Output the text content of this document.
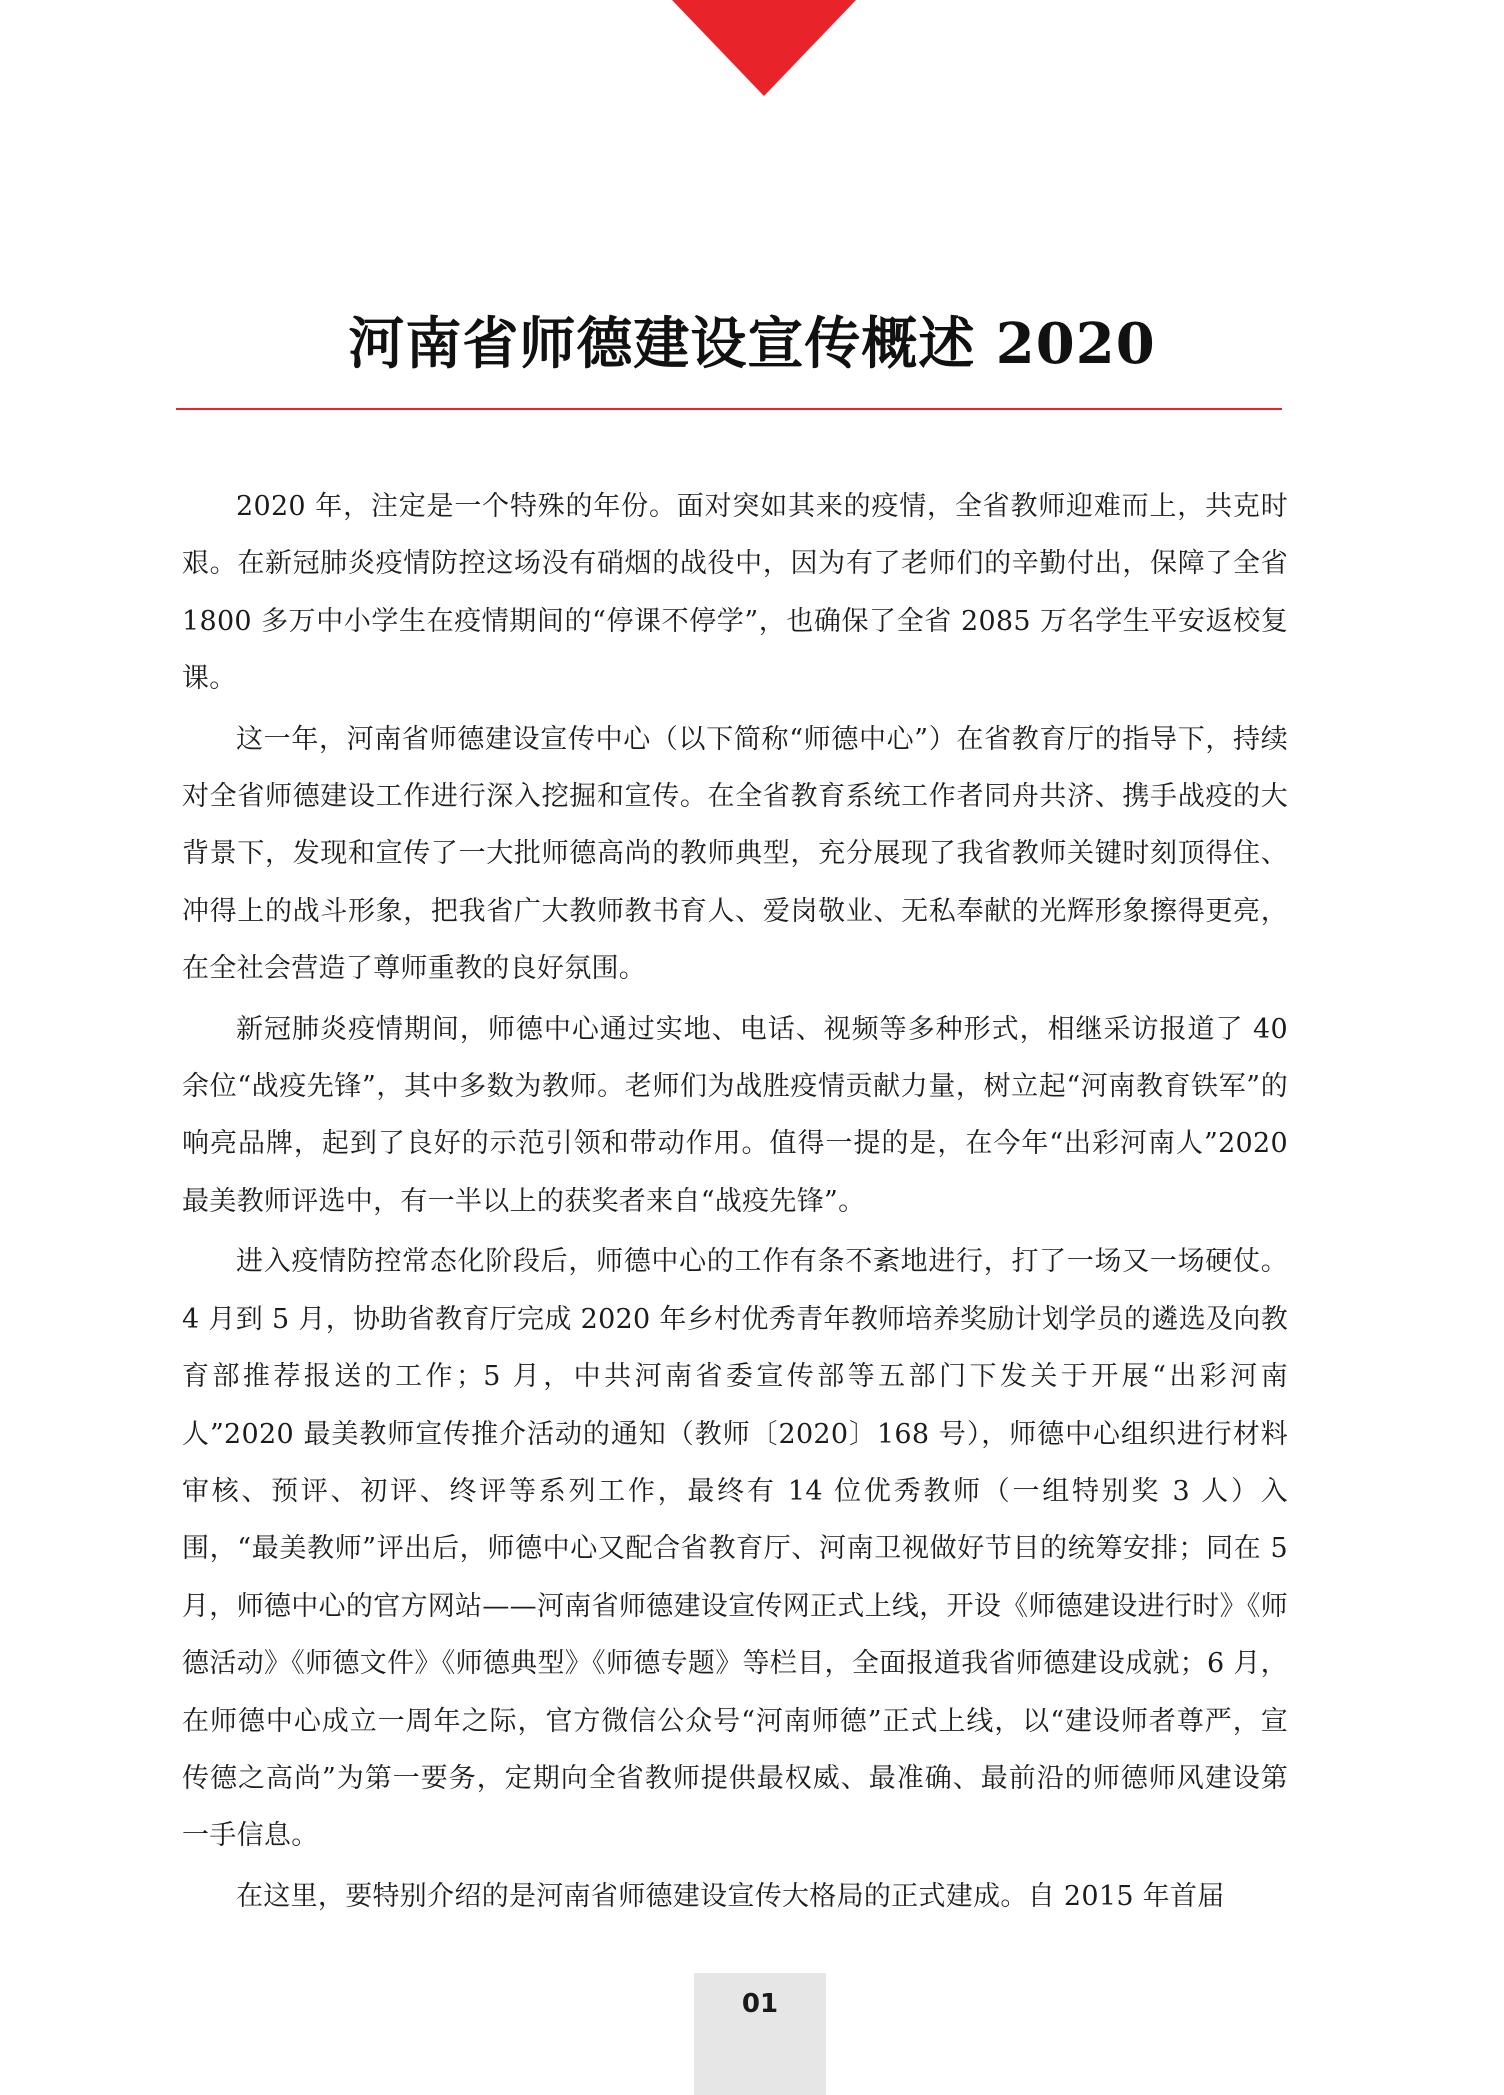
河南省师德建设宣传概述 2020

2020 年，注定是一个特殊的年份。面对突如其来的疫情，全省教师迎难而上，共克时艰。在新冠肺炎疫情防控这场没有硝烟的战役中，因为有了老师们的辛勤付出，保障了全省 1800 多万中小学生在疫情期间的“停课不停学”，也确保了全省 2085 万名学生平安返校复课。

这一年，河南省师德建设宣传中心（以下简称“师德中心”）在省教育厅的指导下，持续对全省师德建设工作进行深入挖掘和宣传。在全省教育系统工作者同舟共济、携手战疫的大背景下，发现和宣传了一大批师德高尚的教师典型，充分展现了我省教师关键时刻顶得住、冲得上的战斗形象，把我省广大教师教书育人、爱岗敬业、无私奉献的光辉形象擦得更亮，在全社会营造了尊师重教的良好氛围。

新冠肺炎疫情期间，师德中心通过实地、电话、视频等多种形式，相继采访报道了 40 余位“战疫先锋”，其中多数为教师。老师们为战胜疫情贡献力量，树立起“河南教育铁军”的响亮品牌，起到了良好的示范引领和带动作用。值得一提的是，在今年“出彩河南人”2020 最美教师评选中，有一半以上的获奖者来自“战疫先锋”。

进入疫情防控常态化阶段后，师德中心的工作有条不紊地进行，打了一场又一场硬仗。4 月到 5 月，协助省教育厅完成 2020 年乡村优秀青年教师培养奖励计划学员的遴选及向教育部推荐报送的工作；5 月，中共河南省委宣传部等五部门下发关于开展“出彩河南人”2020 最美教师宣传推介活动的通知（教师〔2020〕168 号），师德中心组织进行材料审核、预评、初评、终评等系列工作，最终有 14 位优秀教师（一组特别奖 3 人）入围，“最美教师”评出后，师德中心又配合省教育厅、河南卫视做好节目的统筹安排；同在 5 月，师德中心的官方网站——河南省师德建设宣传网正式上线，开设《师德建设进行时》《师德活动》《师德文件》《师德典型》《师德专题》等栏目，全面报道我省师德建设成就；6 月，在师德中心成立一周年之际，官方微信公众号“河南师德”正式上线，以“建设师者尊严，宣传德之高尚”为第一要务，定期向全省教师提供最权威、最准确、最前沿的师德师风建设第一手信息。

在这里，要特别介绍的是河南省师德建设宣传大格局的正式建成。自 2015 年首届

01
